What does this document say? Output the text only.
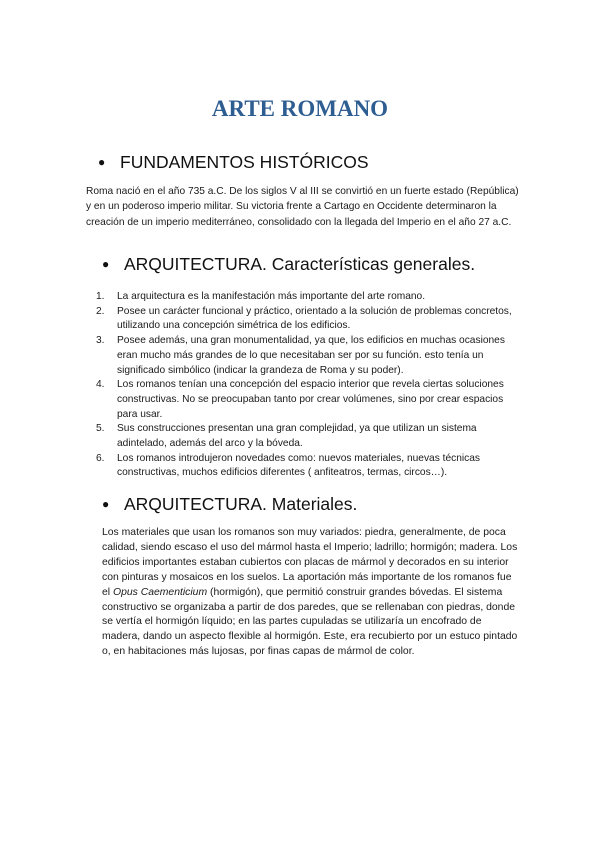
ARTE ROMANO
● FUNDAMENTOS HISTÓRICOS

Roma nació en el año 735 a.C. De los siglos V al III se convirtió en un fuerte estado (República) y en un poderoso imperio militar. Su victoria frente a Cartago en Occidente determinaron la creación de un imperio mediterráneo, consolidado con la llegada del Imperio en el año 27 a.C.

● ARQUITECTURA. Características generales.
1. La arquitectura es la manifestación más importante del arte romano.
2. Posee un carácter funcional y práctico, orientado a la solución de problemas concretos, utilizando una concepción simétrica de los edificios.
3. Posee además, una gran monumentalidad, ya que, los edificios en muchas ocasiones eran mucho más grandes de lo que necesitaban ser por su función. esto tenía un significado simbólico (indicar la grandeza de Roma y su poder).
4. Los romanos tenían una concepción del espacio interior que revela ciertas soluciones constructivas. No se preocupaban tanto por crear volúmenes, sino por crear espacios para usar.
5. Sus construcciones presentan una gran complejidad, ya que utilizan un sistema adintelado, además del arco y la bóveda.
6. Los romanos introdujeron novedades como: nuevos materiales, nuevas técnicas constructivas, muchos edificios diferentes ( anfiteatros, termas, circos…).
● ARQUITECTURA. Materiales.

Los materiales que usan los romanos son muy variados: piedra, generalmente, de poca calidad, siendo escaso el uso del mármol hasta el Imperio; ladrillo; hormigón; madera. Los edificios importantes estaban cubiertos con placas de mármol y decorados en su interior con pinturas y mosaicos en los suelos. La aportación más importante de los romanos fue el Opus Caementicium (hormigón), que permitió construir grandes bóvedas. El sistema constructivo se organizaba a partir de dos paredes, que se rellenaban con piedras, donde se vertía el hormigón líquido; en las partes cupuladas se utilizaría un encofrado de madera, dando un aspecto flexible al hormigón. Este, era recubierto por un estuco pintado o, en habitaciones más lujosas, por finas capas de mármol de color.
